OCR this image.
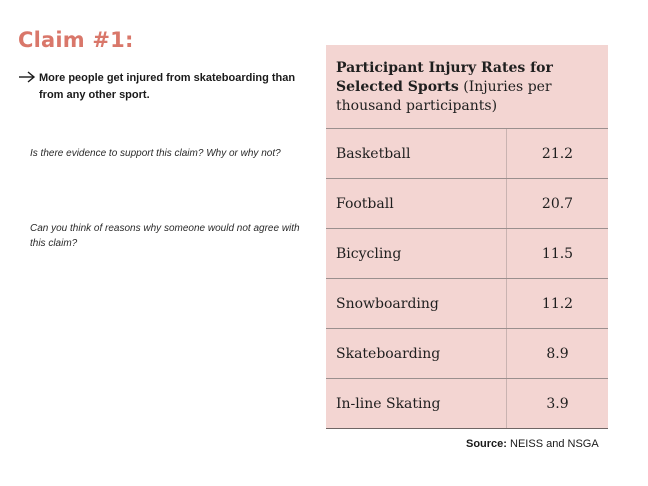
Claim #1:
More people get injured from skateboarding than from any other sport.
Is there evidence to support this claim? Why or why not?
Can you think of reasons why someone would not agree with this claim?
Participant Injury Rates for Selected Sports (Injuries per thousand participants)
Basketball	21.2
Football	20.7
Bicycling	11.5
Snowboarding	11.2
Skateboarding	8.9
In-line Skating	3.9
Source: NEISS and NSGA
